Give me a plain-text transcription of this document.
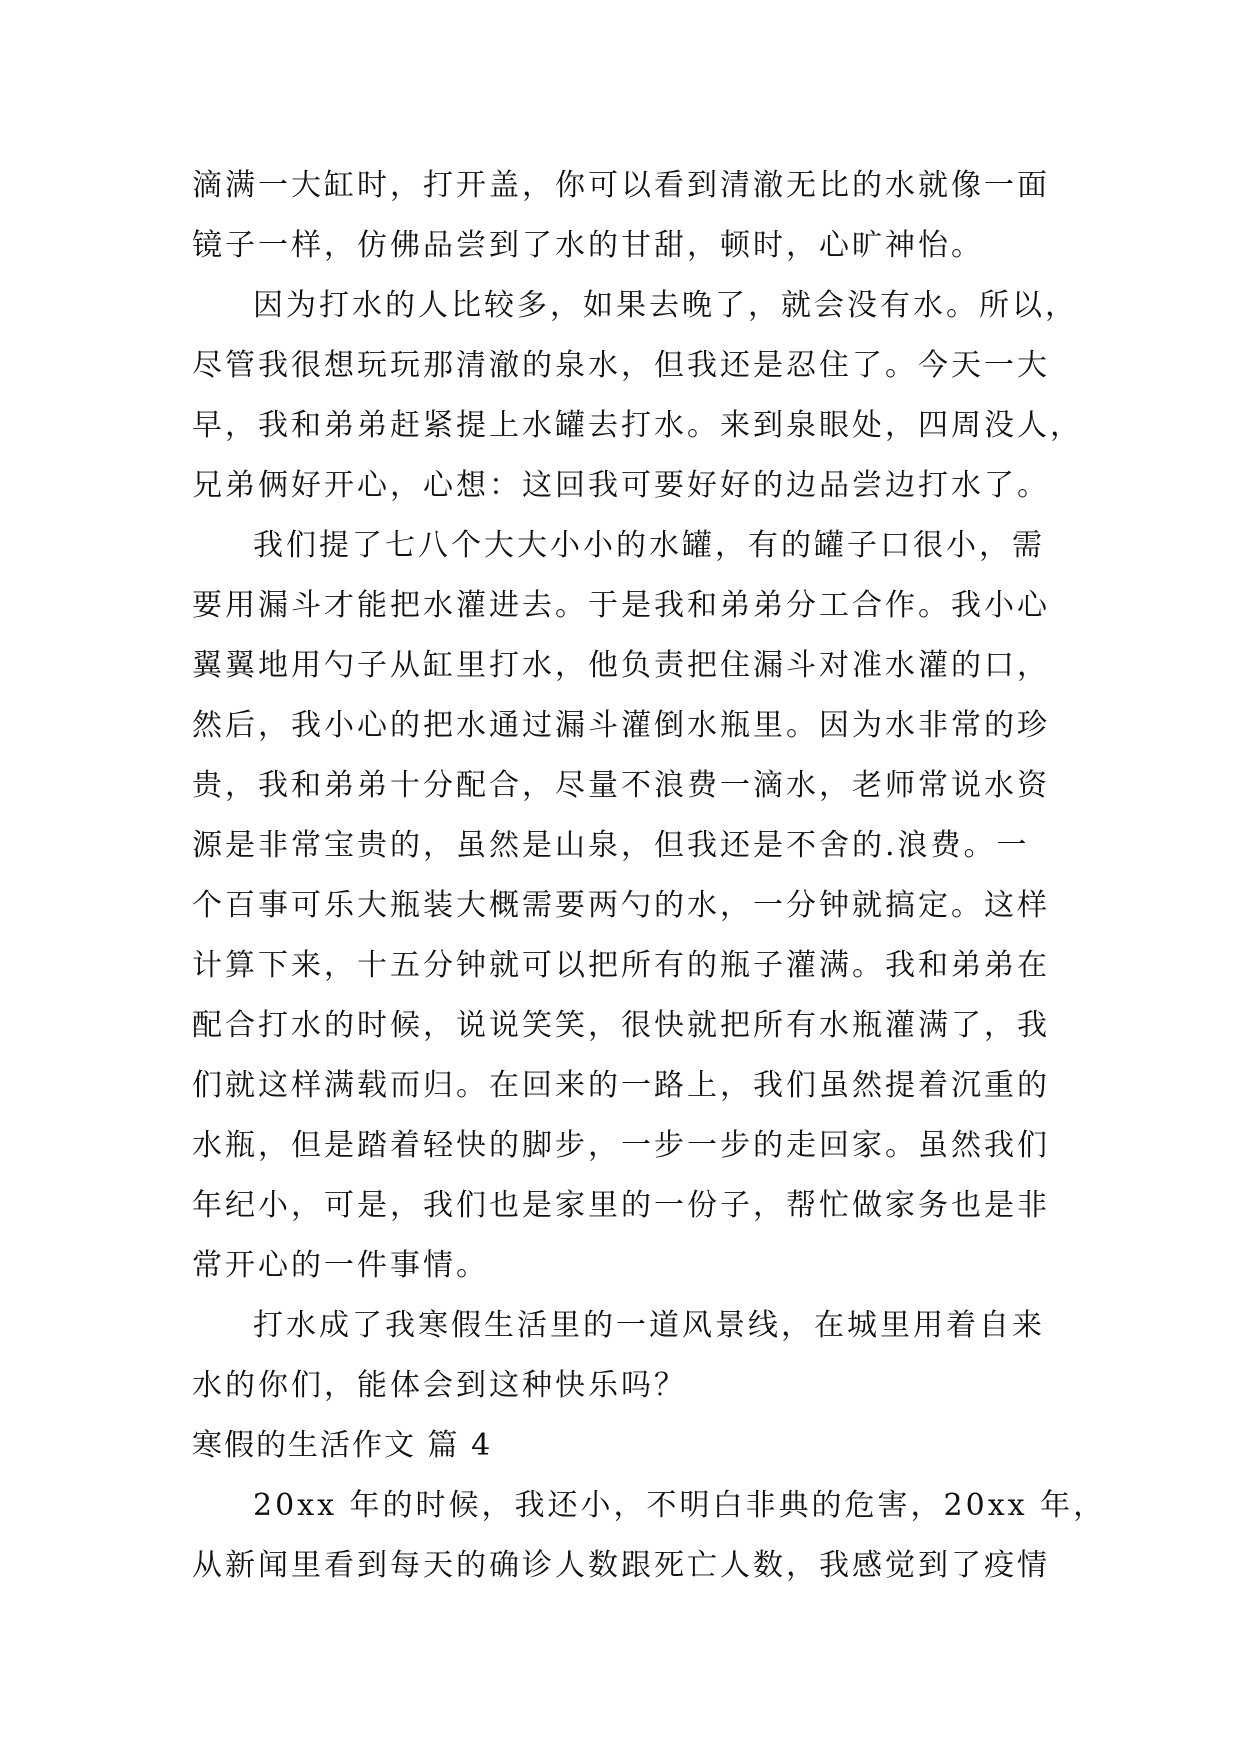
滴满一大缸时，打开盖，你可以看到清澈无比的水就像一面
镜子一样，仿佛品尝到了水的甘甜，顿时，心旷神怡。
因为打水的人比较多，如果去晚了，就会没有水。所以，
尽管我很想玩玩那清澈的泉水，但我还是忍住了。今天一大
早，我和弟弟赶紧提上水罐去打水。来到泉眼处，四周没人，
兄弟俩好开心，心想：这回我可要好好的边品尝边打水了。
我们提了七八个大大小小的水罐，有的罐子口很小，需
要用漏斗才能把水灌进去。于是我和弟弟分工合作。我小心
翼翼地用勺子从缸里打水，他负责把住漏斗对准水灌的口，
然后，我小心的把水通过漏斗灌倒水瓶里。因为水非常的珍
贵，我和弟弟十分配合，尽量不浪费一滴水，老师常说水资
源是非常宝贵的，虽然是山泉，但我还是不舍的.浪费。一
个百事可乐大瓶装大概需要两勺的水，一分钟就搞定。这样
计算下来，十五分钟就可以把所有的瓶子灌满。我和弟弟在
配合打水的时候，说说笑笑，很快就把所有水瓶灌满了，我
们就这样满载而归。在回来的一路上，我们虽然提着沉重的
水瓶，但是踏着轻快的脚步，一步一步的走回家。虽然我们
年纪小，可是，我们也是家里的一份子，帮忙做家务也是非
常开心的一件事情。
打水成了我寒假生活里的一道风景线，在城里用着自来
水的你们，能体会到这种快乐吗？
寒假的生活作文 篇 4
20xx 年的时候，我还小，不明白非典的危害，20xx 年，
从新闻里看到每天的确诊人数跟死亡人数，我感觉到了疫情
